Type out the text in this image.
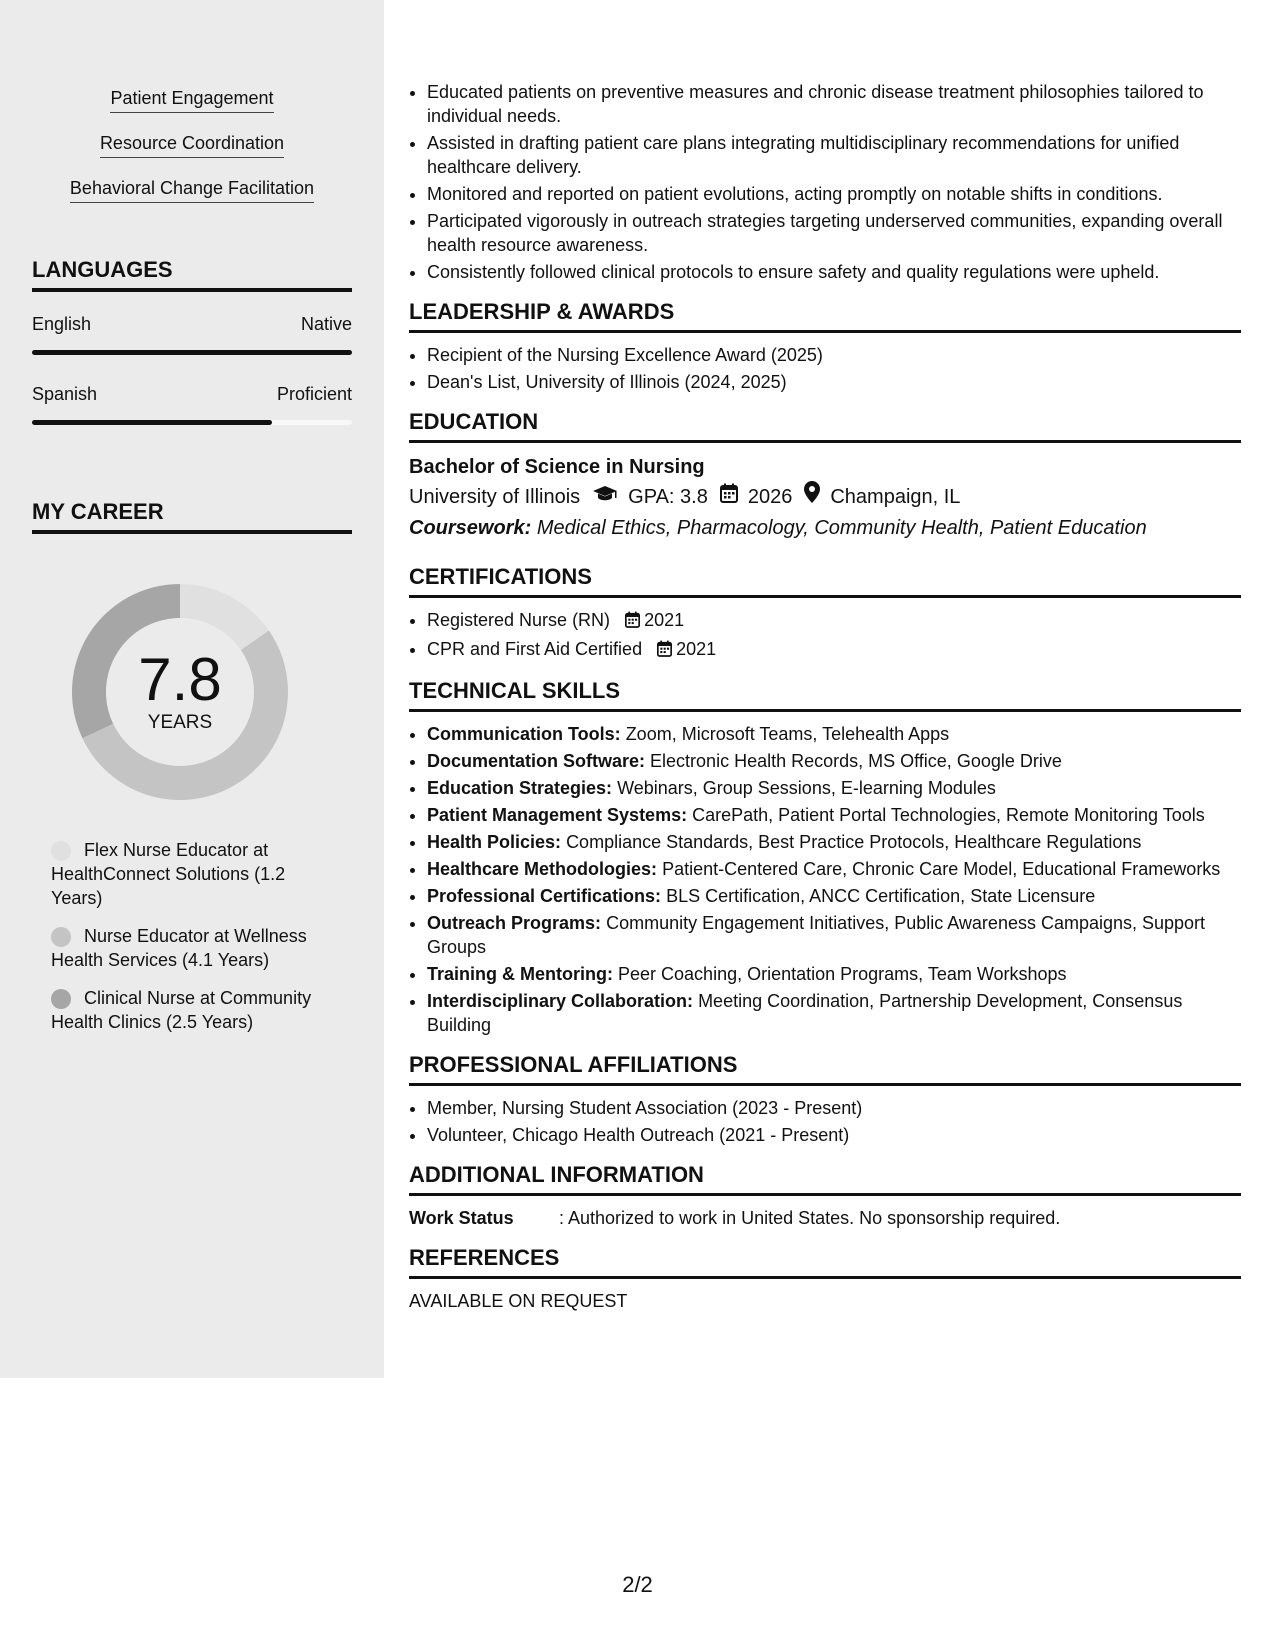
Patient Engagement
Resource Coordination
Behavioral Change Facilitation
LANGUAGES
English	Native
Spanish	Proficient
MY CAREER
7.8
YEARS
Flex Nurse Educator at HealthConnect Solutions (1.2 Years)
Nurse Educator at Wellness Health Services (4.1 Years)
Clinical Nurse at Community Health Clinics (2.5 Years)
• Educated patients on preventive measures and chronic disease treatment philosophies tailored to individual needs.
• Assisted in drafting patient care plans integrating multidisciplinary recommendations for unified healthcare delivery.
• Monitored and reported on patient evolutions, acting promptly on notable shifts in conditions.
• Participated vigorously in outreach strategies targeting underserved communities, expanding overall health resource awareness.
• Consistently followed clinical protocols to ensure safety and quality regulations were upheld.
LEADERSHIP & AWARDS
• Recipient of the Nursing Excellence Award (2025)
• Dean's List, University of Illinois (2024, 2025)
EDUCATION
Bachelor of Science in Nursing
University of Illinois GPA: 3.8 2026 Champaign, IL
Coursework: Medical Ethics, Pharmacology, Community Health, Patient Education
CERTIFICATIONS
• Registered Nurse (RN) 2021
• CPR and First Aid Certified 2021
TECHNICAL SKILLS
• Communication Tools: Zoom, Microsoft Teams, Telehealth Apps
• Documentation Software: Electronic Health Records, MS Office, Google Drive
• Education Strategies: Webinars, Group Sessions, E-learning Modules
• Patient Management Systems: CarePath, Patient Portal Technologies, Remote Monitoring Tools
• Health Policies: Compliance Standards, Best Practice Protocols, Healthcare Regulations
• Healthcare Methodologies: Patient-Centered Care, Chronic Care Model, Educational Frameworks
• Professional Certifications: BLS Certification, ANCC Certification, State Licensure
• Outreach Programs: Community Engagement Initiatives, Public Awareness Campaigns, Support Groups
• Training & Mentoring: Peer Coaching, Orientation Programs, Team Workshops
• Interdisciplinary Collaboration: Meeting Coordination, Partnership Development, Consensus Building
PROFESSIONAL AFFILIATIONS
• Member, Nursing Student Association (2023 - Present)
• Volunteer, Chicago Health Outreach (2021 - Present)
ADDITIONAL INFORMATION
Work Status	: Authorized to work in United States. No sponsorship required.
REFERENCES
AVAILABLE ON REQUEST
2/2
